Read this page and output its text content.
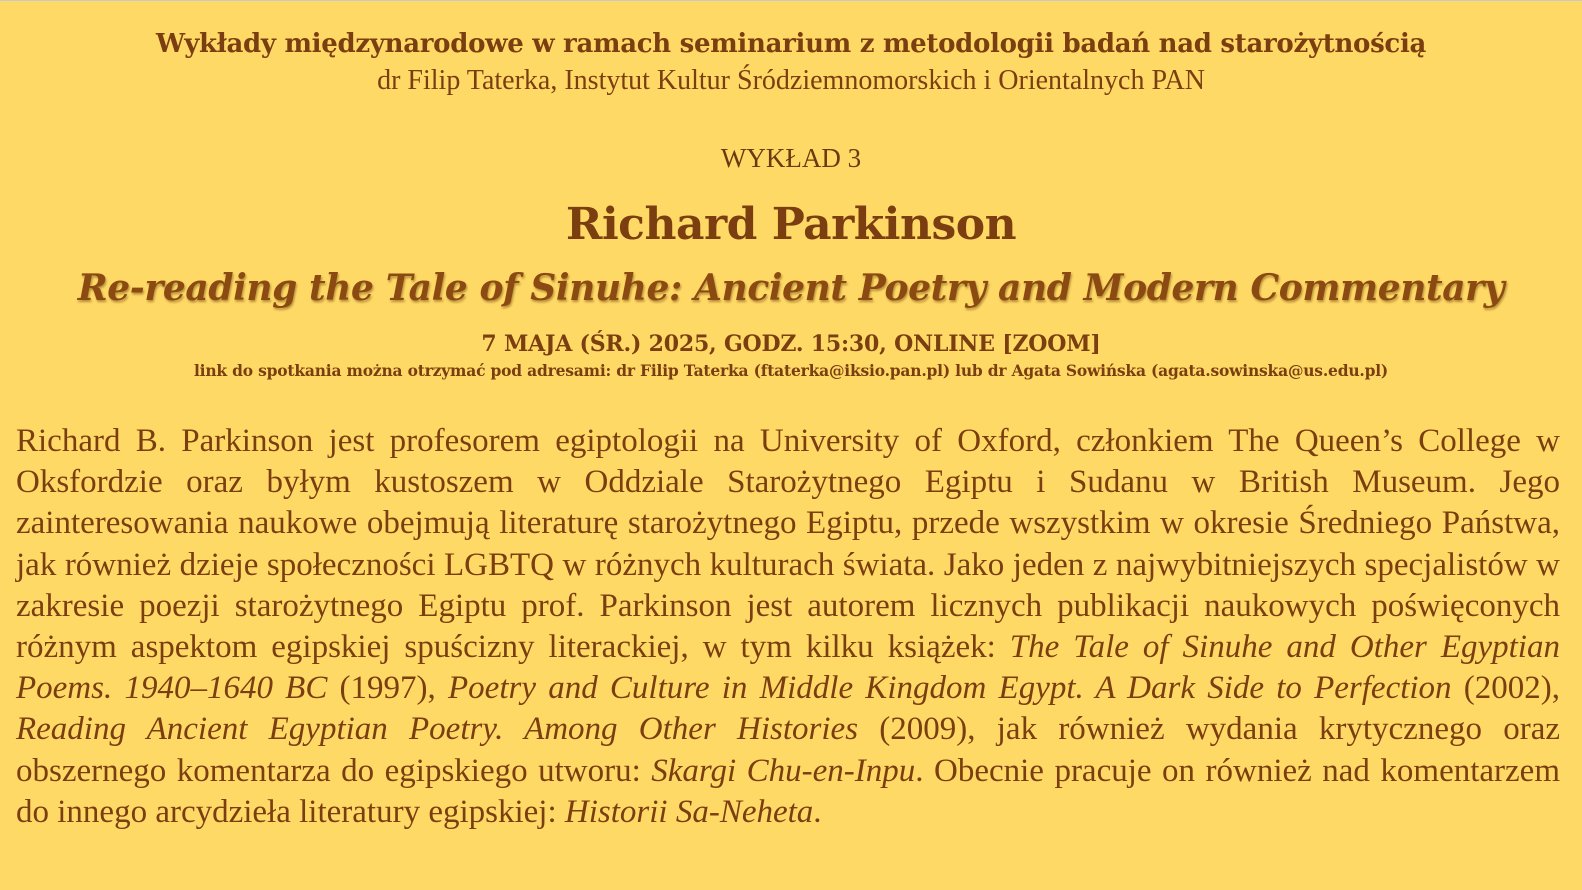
Wykłady międzynarodowe w ramach seminarium z metodologii badań nad starożytnością
dr Filip Taterka, Instytut Kultur Śródziemnomorskich i Orientalnych PAN
WYKŁAD 3
Richard Parkinson
Re-reading the Tale of Sinuhe: Ancient Poetry and Modern Commentary
7 MAJA (ŚR.) 2025, GODZ. 15:30, ONLINE [ZOOM]
link do spotkania można otrzymać pod adresami: dr Filip Taterka (ftaterka@iksio.pan.pl) lub dr Agata Sowińska (agata.sowinska@us.edu.pl)

Richard B. Parkinson jest profesorem egiptologii na University of Oxford, członkiem The Queen’s College w Oksfordzie oraz byłym kustoszem w Oddziale Starożytnego Egiptu i Sudanu w British Museum. Jego zainteresowania naukowe obejmują literaturę starożytnego Egiptu, przede wszystkim w okresie Średniego Państwa, jak również dzieje społeczności LGBTQ w różnych kulturach świata. Jako jeden z najwybitniejszych specjalistów w zakresie poezji starożytnego Egiptu prof. Parkinson jest autorem licznych publikacji naukowych poświęconych różnym aspektom egipskiej spuścizny literackiej, w tym kilku książek: The Tale of Sinuhe and Other Egyptian Poems. 1940–1640 BC (1997), Poetry and Culture in Middle Kingdom Egypt. A Dark Side to Perfection (2002), Reading Ancient Egyptian Poetry. Among Other Histories (2009), jak również wydania krytycznego oraz obszernego komentarza do egipskiego utworu: Skargi Chu-en-Inpu. Obecnie pracuje on również nad komentarzem do innego arcydzieła literatury egipskiej: Historii Sa-Neheta.
